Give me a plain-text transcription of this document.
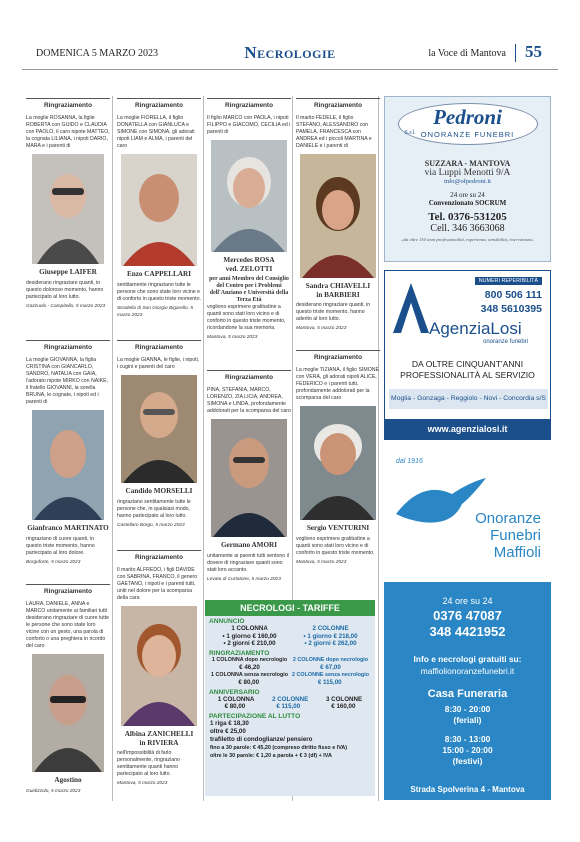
DOMENICA 5 MARZO 2023	Necrologie	la Voce di Mantova 55
Ringraziamento

La moglie ROSANNA, la figlie ROBERTA con GUIDO e CLAUDIA con PAOLO, il caro nipote MATTEO, la cognata LILIANA, i nipoti DARIO, MARA e i parenti di

Giuseppe LAIFER

desiderano ringraziare quanti, in questo doloroso momento, hanno partecipato al loro lutto.

Gazzuolo - Campitello, 5 marzo 2023

Ringraziamento

La moglie GIOVANNA, la figlia CRISTINA con GIANCARLO, SANDRO, NATALIA con GAIA, l'adorato nipote MIRKO con NAIKE, il fratello GIOVANNI, la sorella BRUNA, le cognate, i nipoti ed i parenti di

Gianfranco MARTINATO

ringraziano di cuore quanti, in questo triste momento, hanno partecipato al loro dolore.

Borgoforte, 5 marzo 2023

Ringraziamento

LAURA, DANIELE, ANNA e MARCO unitamente ai familiari tutti desiderano ringraziare di cuore tutte le persone che sono state loro vicine con un gesto, una parola di conforto o una preghiera in ricordo del caro

Agostino

Guidizzolo, 5 marzo 2023

Ringraziamento

La moglie FIORELLA, il figlio DONATELLA con GIANLUCA e SIMONE con SIMONA, gli adorati nipoti LIAM e ALMA, i parenti del caro

Enzo CAPPELLARI

sentitamente ringraziano tutte le persone che sono state loro vicine e di conforto in questo triste momento.

Stradella di San Giorgio Bigarello, 5 marzo 2023

Ringraziamento

La moglie GIANNA, le figlie, i nipoti, i cugini e parenti del caro

Candido MORSELLI

ringraziano sentitamente tutte le persone che, in qualsiasi modo, hanno partecipato al loro lutto.

Castellaro Borgo, 5 marzo 2023

Ringraziamento

Il marito ALFREDO, i figli DAVIDE con SABRINA, FRANCO, il genero GAETANO, i nipoti e i parenti tutti, uniti nel dolore per la scomparsa della cara

Albina ZANICHELLI
in RIVIERA

nell'impossibilità di farlo personalmente, ringraziano sentitamente quanti hanno partecipato al loro lutto.

Mantova, 5 marzo 2023

Ringraziamento

Il figlio MARCO con PAOLA, i nipoti FILIPPO e GIACOMO, CECILIA ed i parenti di

Mercedes ROSA
ved. ZELOTTI
per anni Membro del Consiglio del Centro per i Problemi dell'Anziano e Università della Terza Età

vogliono esprimere gratitudine a quanti sono stati loro vicino e di conforto in questo triste momento, ricordandone la sua memoria.

Mantova, 5 marzo 2023

Ringraziamento

PINA, STEFANIA, MARCO, LORENZO, ZIA LICIA, ANDREA, SIMONA e LINDA, profondamente addolorati per la scomparsa del caro

Germano AMORI

unitamente ai parenti tutti sentono il dovere di ringraziare quanti sono stati loro accanto.

Levata di Curtatone, 5 marzo 2023

Ringraziamento

Il marito FEDELE, il figlio STEFANO, ALESSANDRO con PAMELA, FRANCESCA con ANDREA ed i piccoli MARTINA e DANIELE e i parenti di

Sandra CHIAVELLI
in BARBIERI

desiderano ringraziare quanti, in questo triste momento, hanno aderito al loro lutto.

Mantova, 5 marzo 2023

Ringraziamento

La moglie TIZIANA, il figlio SIMONE con VERA, gli adorati nipoti ALICE, FEDERICO e i parenti tutti, profondamente addolorati per la scomparsa del caro

Sergio VENTURINI

vogliono esprimere gratitudine a quanti sono stati loro vicino e di conforto in questo triste momento.

Mantova, 5 marzo 2023

NECROLOGI - TARIFFE
ANNUNCIO
1 COLONNA	2 COLONNE
• 1 giorno € 160,00	• 1 giorno € 218,00
• 2 giorni € 210,00	• 2 giorni € 262,00
RINGRAZIAMENTO
1 COLONNA dopo necrologio 2 COLONNE dopo necrologio
€ 46,20	€ 67,00
1 COLONNA senza necrologio 2 COLONNE senza necrologio
€ 80,00	€ 115,00
ANNIVERSARIO
1 COLONNA	2 COLONNE	3 COLONNE
€ 80,00	€ 115,00	€ 160,00
PARTECIPAZIONE AL LUTTO
1 riga € 18,30
oltre € 25,00
trafiletto di condoglianze/ pensiero
fino a 30 parole: € 45,20 (compreso diritto fisso e IVA)
oltre le 30 parole: € 1,20 a parola + € 3 (df) + IVA
Pedroni
S.r.l. ONORANZE FUNEBRI
SUZZARA - MANTOVA
via Luppi Menotti 9/A
info@ofpedroni.it
24 ore su 24
Convenzionato SOCRUM
Tel. 0376-531205
Cell. 346 3663068
«da oltre 150 anni professionalità, esperienza, sensibilità, riservatezza»
NUMERI REPERIBILITÀ
800 506 111
348 5610395
AgenziaLosi
onoranze funebri
DA OLTRE CINQUANT'ANNI
PROFESSIONALITÀ AL SERVIZIO
Moglia - Gonzaga - Reggiolo - Novi - Concordia s/S
www.agenzialosi.it
dal 1916
Onoranze
Funebri
Maffioli
24 ore su 24
0376 47087
348 4421952
Info e necrologi gratuiti su:
maffiolionoranzefunebri.it
Casa Funeraria
8:30 - 20:00
(feriali)
8:30 - 13:00
15:00 - 20:00
(festivi)
Strada Spolverina 4 - Mantova
